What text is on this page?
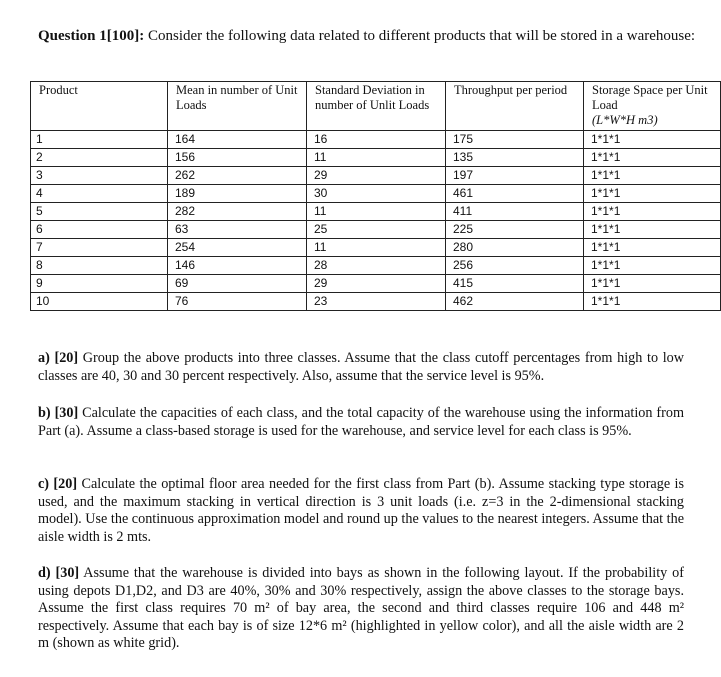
Question 1[100]: Consider the following data related to different products that will be stored in a warehouse:
Product	Mean in number of Unit Loads	Standard Deviation in number of Unlit Loads	Throughput per period	Storage Space per Unit Load
(L*W*H m3)

1	164	16	175	1*1*1
2	156	11	135	1*1*1
3	262	29	197	1*1*1
4	189	30	461	1*1*1
5	282	11	411	1*1*1
6	63	25	225	1*1*1
7	254	11	280	1*1*1
8	146	28	256	1*1*1
9	69	29	415	1*1*1
10	76	23	462	1*1*1

a) [20] Group the above products into three classes. Assume that the class cutoff percentages from high to low classes are 40, 30 and 30 percent respectively. Also, assume that the service level is 95%.

b) [30] Calculate the capacities of each class, and the total capacity of the warehouse using the information from Part (a). Assume a class-based storage is used for the warehouse, and service level for each class is 95%.

c) [20] Calculate the optimal floor area needed for the first class from Part (b). Assume stacking type storage is used, and the maximum stacking in vertical direction is 3 unit loads (i.e. z=3 in the 2-dimensional stacking model). Use the continuous approximation model and round up the values to the nearest integers. Assume that the aisle width is 2 mts.

d) [30] Assume that the warehouse is divided into bays as shown in the following layout. If the probability of using depots D1,D2, and D3 are 40%, 30% and 30% respectively, assign the above classes to the storage bays. Assume the first class requires 70 m² of bay area, the second and third classes require 106 and 448 m² respectively. Assume that each bay is of size 12*6 m² (highlighted in yellow color), and all the aisle width are 2 m (shown as white grid).
